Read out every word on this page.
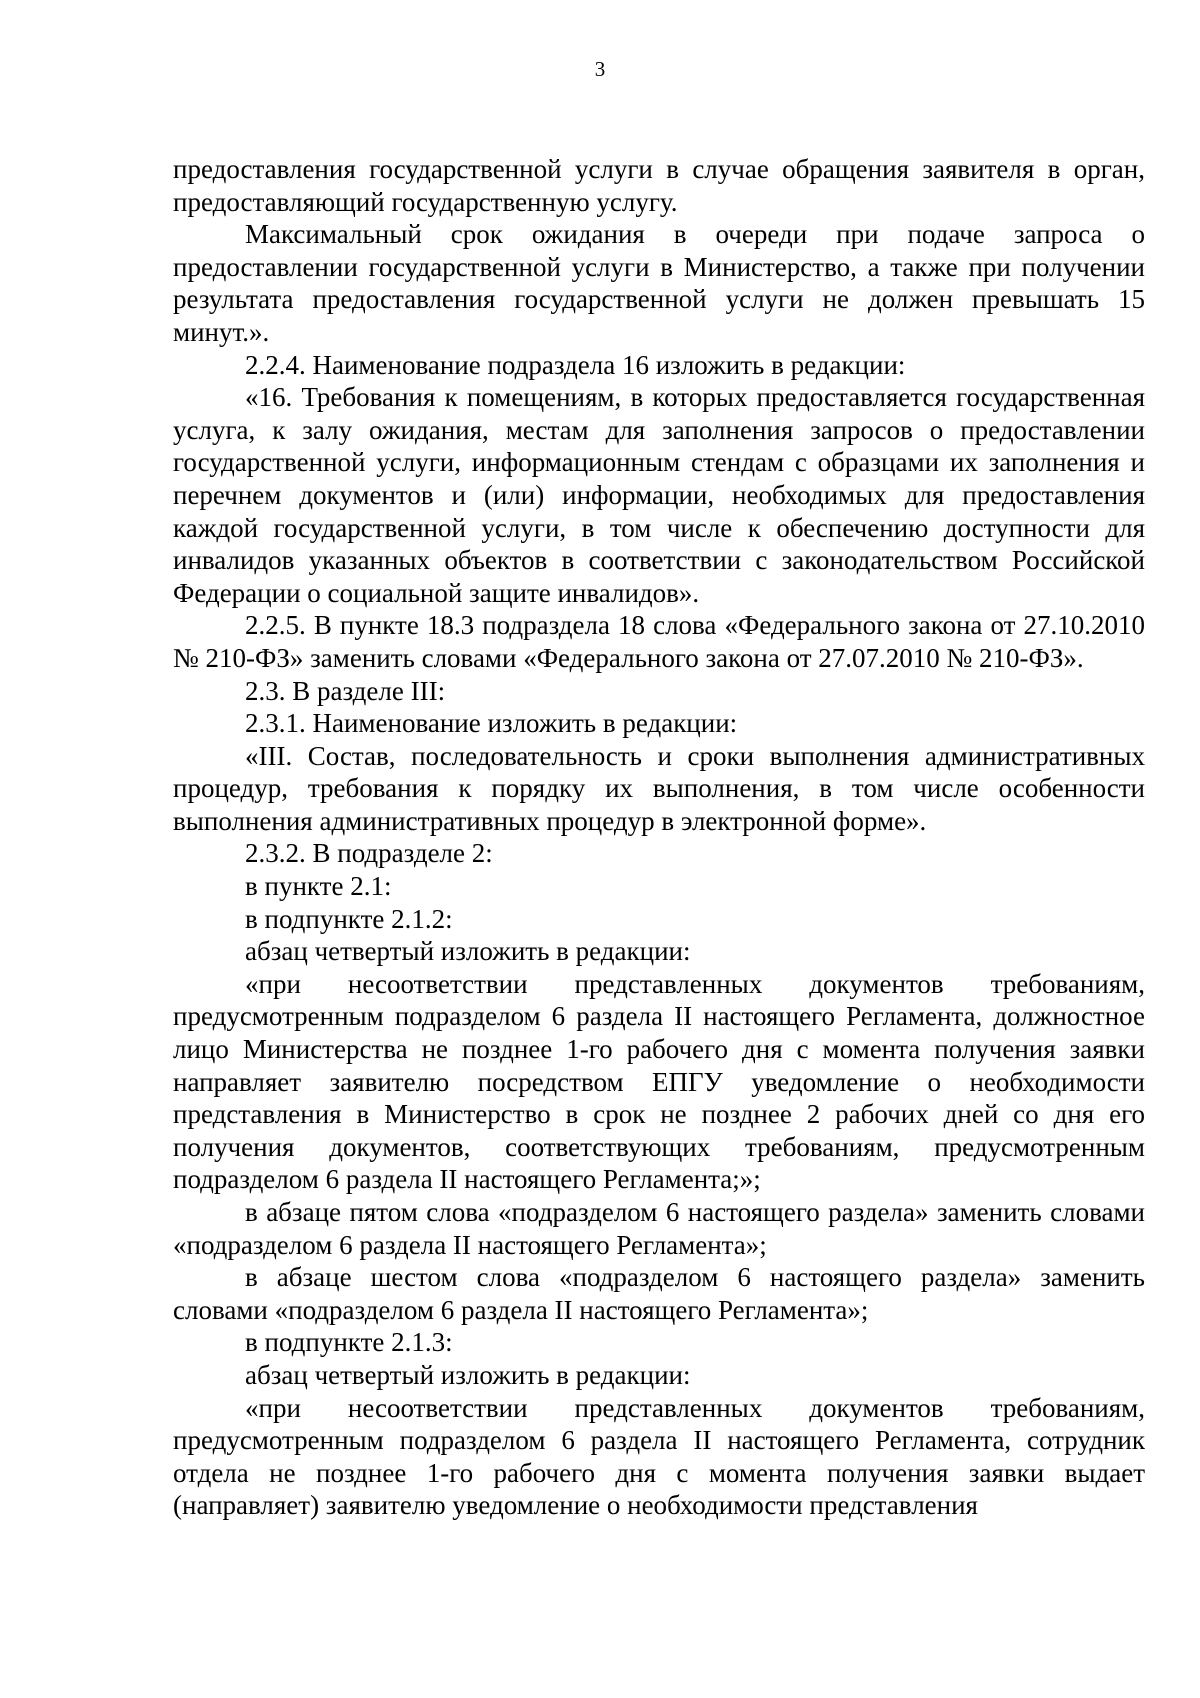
3

предоставления государственной услуги в случае обращения заявителя в орган, предоставляющий государственную услугу.

Максимальный срок ожидания в очереди при подаче запроса о предоставлении государственной услуги в Министерство, а также при получении результата предоставления государственной услуги не должен превышать 15 минут.».

2.2.4. Наименование подраздела 16 изложить в редакции:

«16. Требования к помещениям, в которых предоставляется государственная услуга, к залу ожидания, местам для заполнения запросов о предоставлении государственной услуги, информационным стендам с образцами их заполнения и перечнем документов и (или) информации, необходимых для предоставления каждой государственной услуги, в том числе к обеспечению доступности для инвалидов указанных объектов в соответствии с законодательством Российской Федерации о социальной защите инвалидов».

2.2.5. В пункте 18.3 подраздела 18 слова «Федерального закона от 27.10.2010 № 210-ФЗ» заменить словами «Федерального закона от 27.07.2010 № 210-ФЗ».

2.3. В разделе III:

2.3.1. Наименование изложить в редакции:

«III. Состав, последовательность и сроки выполнения административных процедур, требования к порядку их выполнения, в том числе особенности выполнения административных процедур в электронной форме».

2.3.2. В подразделе 2:

в пункте 2.1:

в подпункте 2.1.2:

абзац четвертый изложить в редакции:

«при несоответствии представленных документов требованиям, предусмотренным подразделом 6 раздела II настоящего Регламента, должностное лицо Министерства не позднее 1-го рабочего дня с момента получения заявки направляет заявителю посредством ЕПГУ уведомление о необходимости представления в Министерство в срок не позднее 2 рабочих дней со дня его получения документов, соответствующих требованиям, предусмотренным подразделом 6 раздела II настоящего Регламента;»;

в абзаце пятом слова «подразделом 6 настоящего раздела» заменить словами «подразделом 6 раздела II настоящего Регламента»;

в абзаце шестом слова «подразделом 6 настоящего раздела» заменить словами «подразделом 6 раздела II настоящего Регламента»;

в подпункте 2.1.3:

абзац четвертый изложить в редакции:

«при несоответствии представленных документов требованиям, предусмотренным подразделом 6 раздела II настоящего Регламента, сотрудник отдела не позднее 1-го рабочего дня с момента получения заявки выдает (направляет) заявителю уведомление о необходимости представления
